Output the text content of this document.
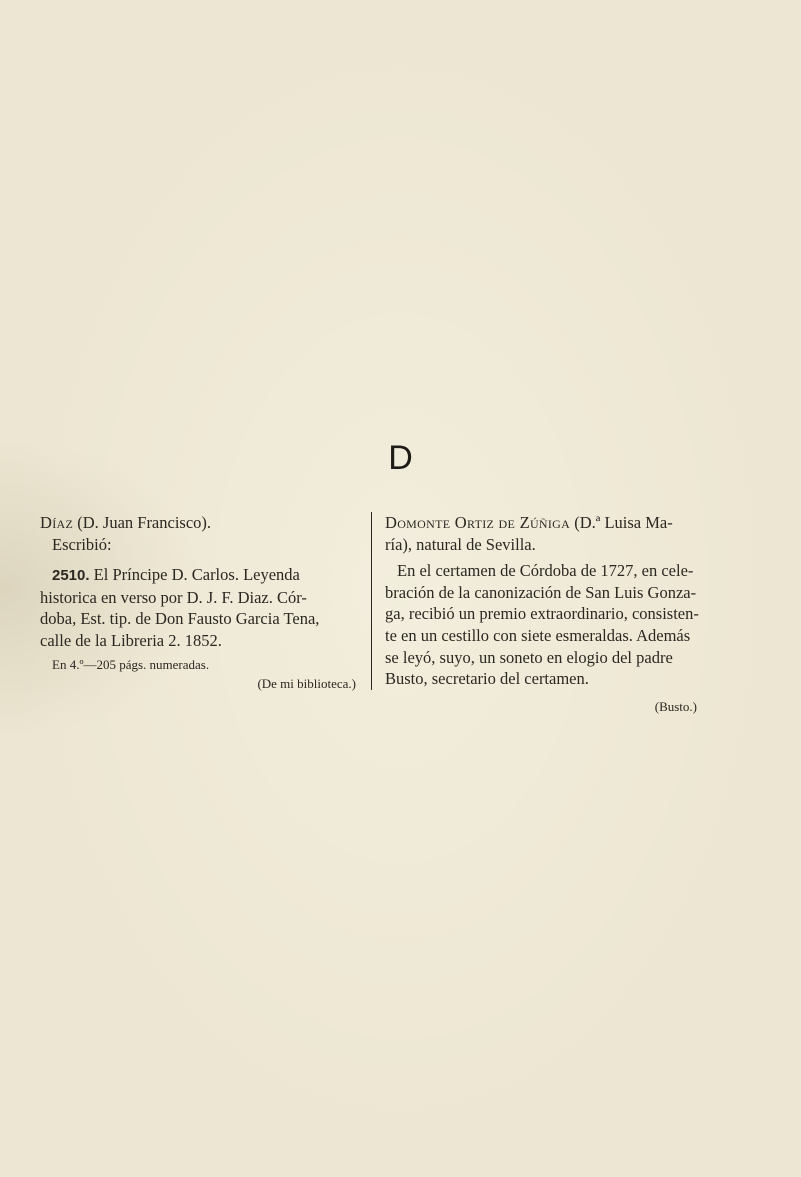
D
Díaz (D. Juan Francisco).
Escribió:
2510. El Príncipe D. Carlos. Leyenda
historica en verso por D. J. F. Diaz. Cór-
doba, Est. tip. de Don Fausto Garcia Tena,
calle de la Libreria 2. 1852.
En 4.º—205 págs. numeradas.
(De mi biblioteca.)
Domonte Ortiz de Zúñiga (D.ª Luisa Ma-
ría), natural de Sevilla.
En el certamen de Córdoba de 1727, en cele-
bración de la canonización de San Luis Gonza-
ga, recibió un premio extraordinario, consisten-
te en un cestillo con siete esmeraldas. Además
se leyó, suyo, un soneto en elogio del padre
Busto, secretario del certamen.
(Busto.)
